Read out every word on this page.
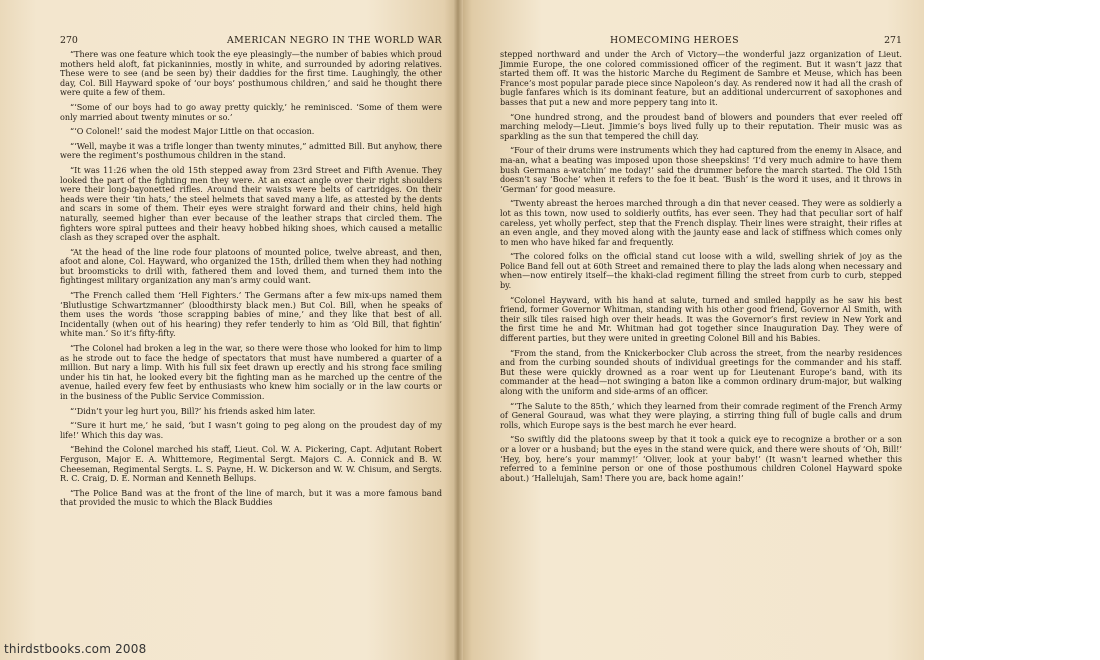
270	AMERICAN NEGRO IN THE WORLD WAR

“There was one feature which took the eye pleasingly—the number of babies which proud mothers held aloft, fat pickaninnies, mostly in white, and surrounded by adoring relatives. These were to see (and be seen by) their daddies for the first time. Laughingly, the other day, Col. Bill Hayward spoke of ‘our boys’ posthumous children,’ and said he thought there were quite a few of them.

“‘Some of our boys had to go away pretty quickly,’ he reminisced. ‘Some of them were only married about twenty minutes or so.’

“‘O Colonel!’ said the modest Major Little on that occasion.

“‘Well, maybe it was a trifle longer than twenty minutes,” admitted Bill. But anyhow, there were the regiment’s posthumous children in the stand.

“It was 11:26 when the old 15th stepped away from 23rd Street and Fifth Avenue. They looked the part of the fighting men they were. At an exact angle over their right shoulders were their long-bayonetted rifles. Around their waists were belts of cartridges. On their heads were their ‘tin hats,’ the steel helmets that saved many a life, as attested by the dents and scars in some of them. Their eyes were straight forward and their chins, held high naturally, seemed higher than ever because of the leather straps that circled them. The fighters wore spiral puttees and their heavy hobbed hiking shoes, which caused a metallic clash as they scraped over the asphalt.

“At the head of the line rode four platoons of mounted police, twelve abreast, and then, afoot and alone, Col. Hayward, who organized the 15th, drilled them when they had nothing but broomsticks to drill with, fathered them and loved them, and turned them into the fightingest military organization any man’s army could want.

“The French called them ‘Hell Fighters.’ The Germans after a few mix-ups named them ‘Blutlustige Schwartzmanner’ (bloodthirsty black men.) But Col. Bill, when he speaks of them uses the words ‘those scrapping babies of mine,’ and they like that best of all. Incidentally (when out of his hearing) they refer tenderly to him as ‘Old Bill, that fightin’ white man.’ So it’s fifty-fifty.

“The Colonel had broken a leg in the war, so there were those who looked for him to limp as he strode out to face the hedge of spectators that must have numbered a quarter of a million. But nary a limp. With his full six feet drawn up erectly and his strong face smiling under his tin hat, he looked every bit the fighting man as he marched up the centre of the avenue, hailed every few feet by enthusiasts who knew him socially or in the law courts or in the business of the Public Service Commission.

“‘Didn’t your leg hurt you, Bill?’ his friends asked him later.

“‘Sure it hurt me,’ he said, ‘but I wasn’t going to peg along on the proudest day of my life!’ Which this day was.

“Behind the Colonel marched his staff, Lieut. Col. W. A. Pickering, Capt. Adjutant Robert Ferguson, Major E. A. Whittemore, Regimental Sergt. Majors C. A. Connick and B. W. Cheeseman, Regimental Sergts. L. S. Payne, H. W. Dickerson and W. W. Chisum, and Sergts. R. C. Craig, D. E. Norman and Kenneth Bellups.

“The Police Band was at the front of the line of march, but it was a more famous band that provided the music to which the Black Buddies

HOMECOMING HEROES	271

stepped northward and under the Arch of Victory—the wonderful jazz organization of Lieut. Jimmie Europe, the one colored commissioned officer of the regiment. But it wasn’t jazz that started them off. It was the historic Marche du Regiment de Sambre et Meuse, which has been France’s most popular parade piece since Napoleon’s day. As rendered now it had all the crash of bugle fanfares which is its dominant feature, but an additional undercurrent of saxophones and basses that put a new and more peppery tang into it.

“One hundred strong, and the proudest band of blowers and pounders that ever reeled off marching melody—Lieut. Jimmie’s boys lived fully up to their reputation. Their music was as sparkling as the sun that tempered the chill day.

“Four of their drums were instruments which they had captured from the enemy in Alsace, and ma-an, what a beating was imposed upon those sheepskins! ‘I’d very much admire to have them bush Germans a-watchin’ me today!’ said the drummer before the march started. The Old 15th doesn’t say ‘Boche’ when it refers to the foe it beat. ‘Bush’ is the word it uses, and it throws in ‘German’ for good measure.

“Twenty abreast the heroes marched through a din that never ceased. They were as soldierly a lot as this town, now used to soldierly outfits, has ever seen. They had that peculiar sort of half careless, yet wholly perfect, step that the French display. Their lines were straight, their rifles at an even angle, and they moved along with the jaunty ease and lack of stiffness which comes only to men who have hiked far and frequently.

“The colored folks on the official stand cut loose with a wild, swelling shriek of joy as the Police Band fell out at 60th Street and remained there to play the lads along when necessary and when—now entirely itself—the khaki-clad regiment filling the street from curb to curb, stepped by.

“Colonel Hayward, with his hand at salute, turned and smiled happily as he saw his best friend, former Governor Whitman, standing with his other good friend, Governor Al Smith, with their silk tiles raised high over their heads. It was the Governor’s first review in New York and the first time he and Mr. Whitman had got together since Inauguration Day. They were of different parties, but they were united in greeting Colonel Bill and his Babies.

“From the stand, from the Knickerbocker Club across the street, from the nearby residences and from the curbing sounded shouts of individual greetings for the commander and his staff. But these were quickly drowned as a roar went up for Lieutenant Europe’s band, with its commander at the head—not swinging a baton like a common ordinary drum-major, but walking along with the uniform and side-arms of an officer.

“‘The Salute to the 85th,’ which they learned from their comrade regiment of the French Army of General Gouraud, was what they were playing, a stirring thing full of bugle calls and drum rolls, which Europe says is the best march he ever heard.

“So swiftly did the platoons sweep by that it took a quick eye to recognize a brother or a son or a lover or a husband; but the eyes in the stand were quick, and there were shouts of ‘Oh, Bill!’ ‘Hey, boy, here’s your mammy!’ ‘Oliver, look at your baby!’ (It wasn’t learned whether this referred to a feminine person or one of those posthumous children Colonel Hayward spoke about.) ‘Hallelujah, Sam! There you are, back home again!’

thirdstbooks.com 2008
